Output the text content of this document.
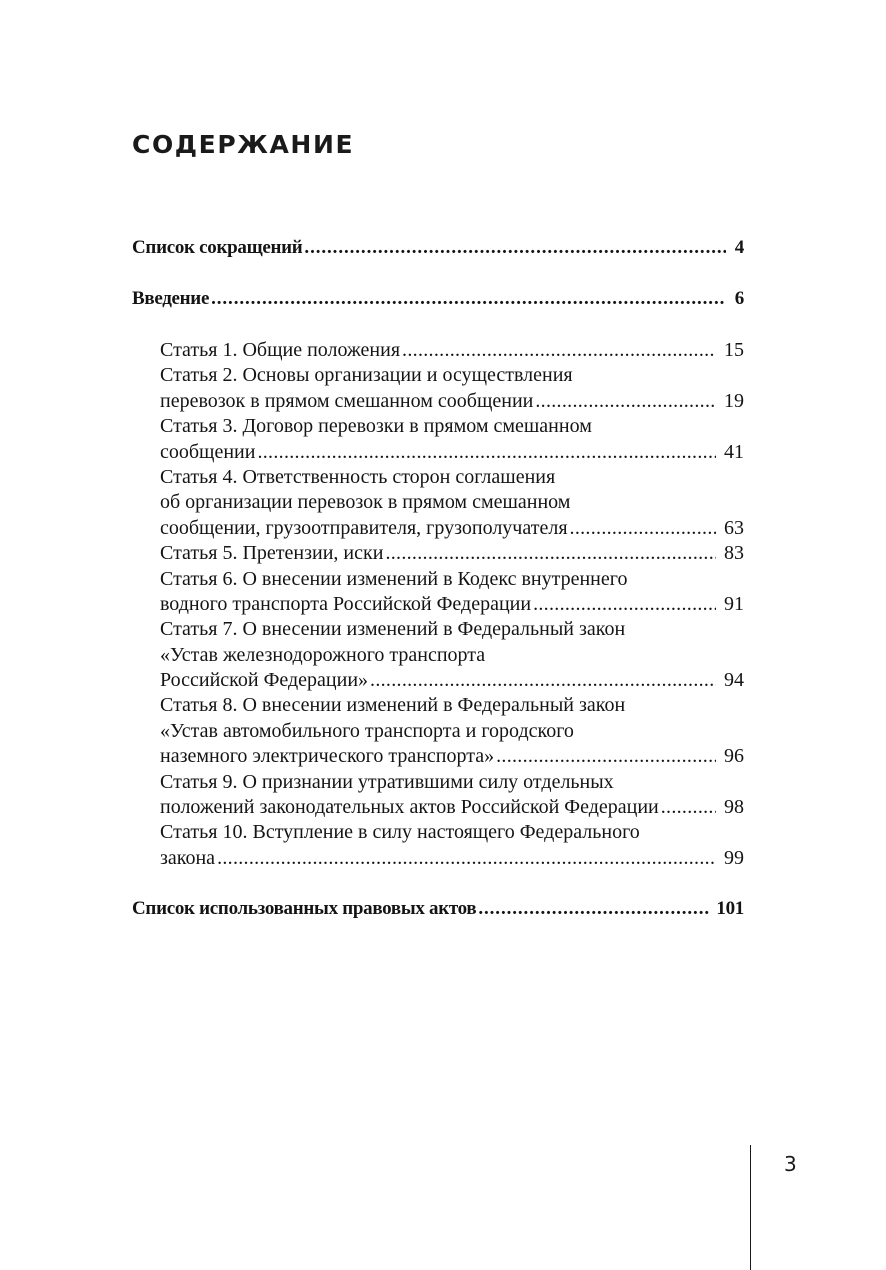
СОДЕРЖАНИЕ
Список сокращений .....	4
Введение .....	6
Статья 1. Общие положения .....	15
Статья 2. Основы организации и осуществления
перевозок в прямом смешанном сообщении .....	19
Статья 3. Договор перевозки в прямом смешанном
сообщении .....	41
Статья 4. Ответственность сторон соглашения
об организации перевозок в прямом смешанном
сообщении, грузоотправителя, грузополучателя .....	63
Статья 5. Претензии, иски .....	83
Статья 6. О внесении изменений в Кодекс внутреннего
водного транспорта Российской Федерации .....	91
Статья 7. О внесении изменений в Федеральный закон
«Устав железнодорожного транспорта
Российской Федерации» .....	94
Статья 8. О внесении изменений в Федеральный закон
«Устав автомобильного транспорта и городского
наземного электрического транспорта» .....	96
Статья 9. О признании утратившими силу отдельных
положений законодательных актов Российской Федерации .....	98
Статья 10. Вступление в силу настоящего Федерального
закона .....	99
Список использованных правовых актов .....	101
3
